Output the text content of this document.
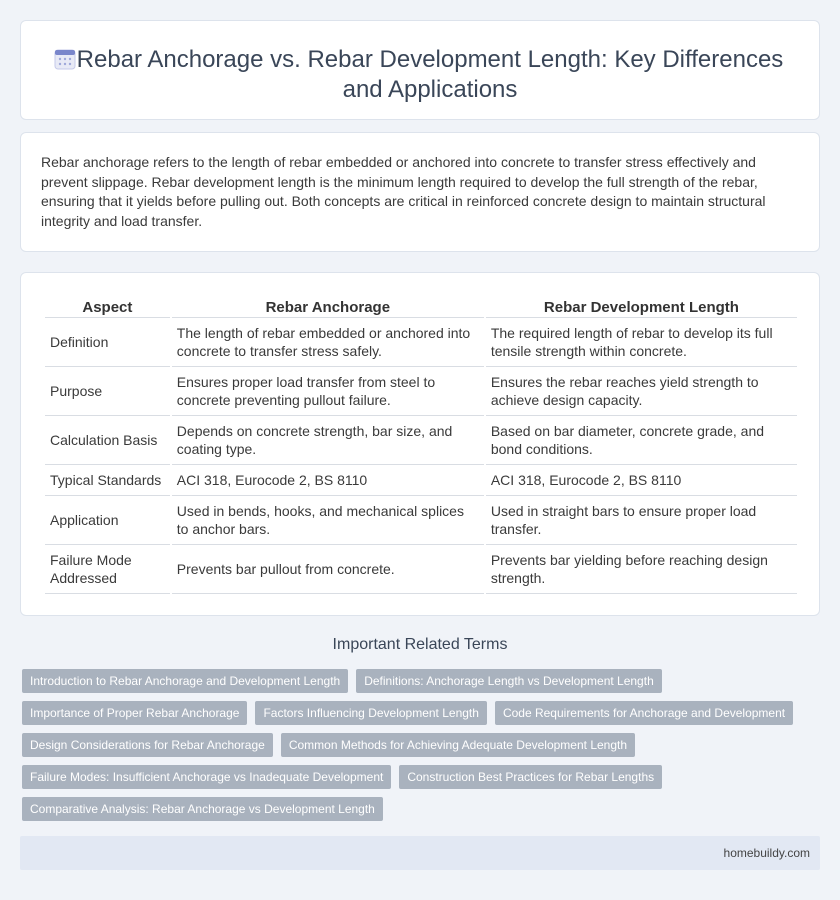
Rebar Anchorage vs. Rebar Development Length: Key Differences and Applications

Rebar anchorage refers to the length of rebar embedded or anchored into concrete to transfer stress effectively and prevent slippage. Rebar development length is the minimum length required to develop the full strength of the rebar, ensuring that it yields before pulling out. Both concepts are critical in reinforced concrete design to maintain structural integrity and load transfer.

Aspect	Rebar Anchorage	Rebar Development Length
Definition	The length of rebar embedded or anchored into concrete to transfer stress safely.	The required length of rebar to develop its full tensile strength within concrete.
Purpose	Ensures proper load transfer from steel to concrete preventing pullout failure.	Ensures the rebar reaches yield strength to achieve design capacity.
Calculation Basis	Depends on concrete strength, bar size, and coating type.	Based on bar diameter, concrete grade, and bond conditions.
Typical Standards	ACI 318, Eurocode 2, BS 8110	ACI 318, Eurocode 2, BS 8110
Application	Used in bends, hooks, and mechanical splices to anchor bars.	Used in straight bars to ensure proper load transfer.
Failure Mode Addressed	Prevents bar pullout from concrete.	Prevents bar yielding before reaching design strength.
Important Related Terms
Introduction to Rebar Anchorage and Development Length	Definitions: Anchorage Length vs Development Length
Importance of Proper Rebar Anchorage	Factors Influencing Development Length	Code Requirements for Anchorage and Development
Design Considerations for Rebar Anchorage	Common Methods for Achieving Adequate Development Length
Failure Modes: Insufficient Anchorage vs Inadequate Development	Construction Best Practices for Rebar Lengths
Comparative Analysis: Rebar Anchorage vs Development Length
homebuildy.com
